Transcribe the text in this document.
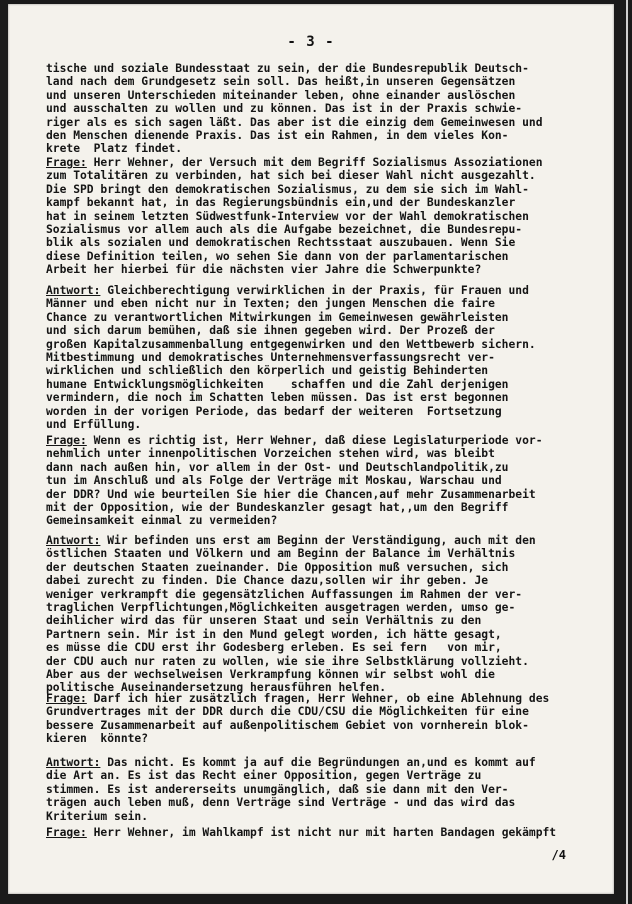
- 3 -
tische und soziale Bundesstaat zu sein, der die Bundesrepublik Deutsch-
land nach dem Grundgesetz sein soll. Das heißt,in unseren Gegensätzen
und unseren Unterschieden miteinander leben, ohne einander auslöschen
und ausschalten zu wollen und zu können. Das ist in der Praxis schwie-
riger als es sich sagen läßt. Das aber ist die einzig dem Gemeinwesen und
den Menschen dienende Praxis. Das ist ein Rahmen, in dem vieles Kon-
krete  Platz findet.
Frage: Herr Wehner, der Versuch mit dem Begriff Sozialismus Assoziationen
zum Totalitären zu verbinden, hat sich bei dieser Wahl nicht ausgezahlt.
Die SPD bringt den demokratischen Sozialismus, zu dem sie sich im Wahl-
kampf bekannt hat, in das Regierungsbündnis ein,und der Bundeskanzler
hat in seinem letzten Südwestfunk-Interview vor der Wahl demokratischen
Sozialismus vor allem auch als die Aufgabe bezeichnet, die Bundesrepu-
blik als sozialen und demokratischen Rechtsstaat auszubauen. Wenn Sie
diese Definition teilen, wo sehen Sie dann von der parlamentarischen
Arbeit her hierbei für die nächsten vier Jahre die Schwerpunkte?
Antwort: Gleichberechtigung verwirklichen in der Praxis, für Frauen und
Männer und eben nicht nur in Texten; den jungen Menschen die faire
Chance zu verantwortlichen Mitwirkungen im Gemeinwesen gewährleisten
und sich darum bemühen, daß sie ihnen gegeben wird. Der Prozeß der
großen Kapitalzusammenballung entgegenwirken und den Wettbewerb sichern.
Mitbestimmung und demokratisches Unternehmensverfassungsrecht ver-
wirklichen und schließlich den körperlich und geistig Behinderten
humane Entwicklungsmöglichkeiten    schaffen und die Zahl derjenigen
vermindern, die noch im Schatten leben müssen. Das ist erst begonnen
worden in der vorigen Periode, das bedarf der weiteren  Fortsetzung
und Erfüllung.
Frage: Wenn es richtig ist, Herr Wehner, daß diese Legislaturperiode vor-
nehmlich unter innenpolitischen Vorzeichen stehen wird, was bleibt
dann nach außen hin, vor allem in der Ost- und Deutschlandpolitik,zu
tun im Anschluß und als Folge der Verträge mit Moskau, Warschau und
der DDR? Und wie beurteilen Sie hier die Chancen,auf mehr Zusammenarbeit
mit der Opposition, wie der Bundeskanzler gesagt hat,,um den Begriff
Gemeinsamkeit einmal zu vermeiden?
Antwort: Wir befinden uns erst am Beginn der Verständigung, auch mit den
östlichen Staaten und Völkern und am Beginn der Balance im Verhältnis
der deutschen Staaten zueinander. Die Opposition muß versuchen, sich
dabei zurecht zu finden. Die Chance dazu,sollen wir ihr geben. Je
weniger verkrampft die gegensätzlichen Auffassungen im Rahmen der ver-
traglichen Verpflichtungen,Möglichkeiten ausgetragen werden, umso ge-
deihlicher wird das für unseren Staat und sein Verhältnis zu den
Partnern sein. Mir ist in den Mund gelegt worden, ich hätte gesagt,
es müsse die CDU erst ihr Godesberg erleben. Es sei fern   von mir,
der CDU auch nur raten zu wollen, wie sie ihre Selbstklärung vollzieht.
Aber aus der wechselweisen Verkrampfung können wir selbst wohl die
politische Auseinandersetzung herausführen helfen.
Frage: Darf ich hier zusätzlich fragen, Herr Wehner, ob eine Ablehnung des
Grundvertrages mit der DDR durch die CDU/CSU die Möglichkeiten für eine
bessere Zusammenarbeit auf außenpolitischem Gebiet von vornherein blok-
kieren  könnte?
Antwort: Das nicht. Es kommt ja auf die Begründungen an,und es kommt auf
die Art an. Es ist das Recht einer Opposition, gegen Verträge zu
stimmen. Es ist andererseits unumgänglich, daß sie dann mit den Ver-
trägen auch leben muß, denn Verträge sind Verträge - und das wird das
Kriterium sein.
Frage: Herr Wehner, im Wahlkampf ist nicht nur mit harten Bandagen gekämpft
/4
